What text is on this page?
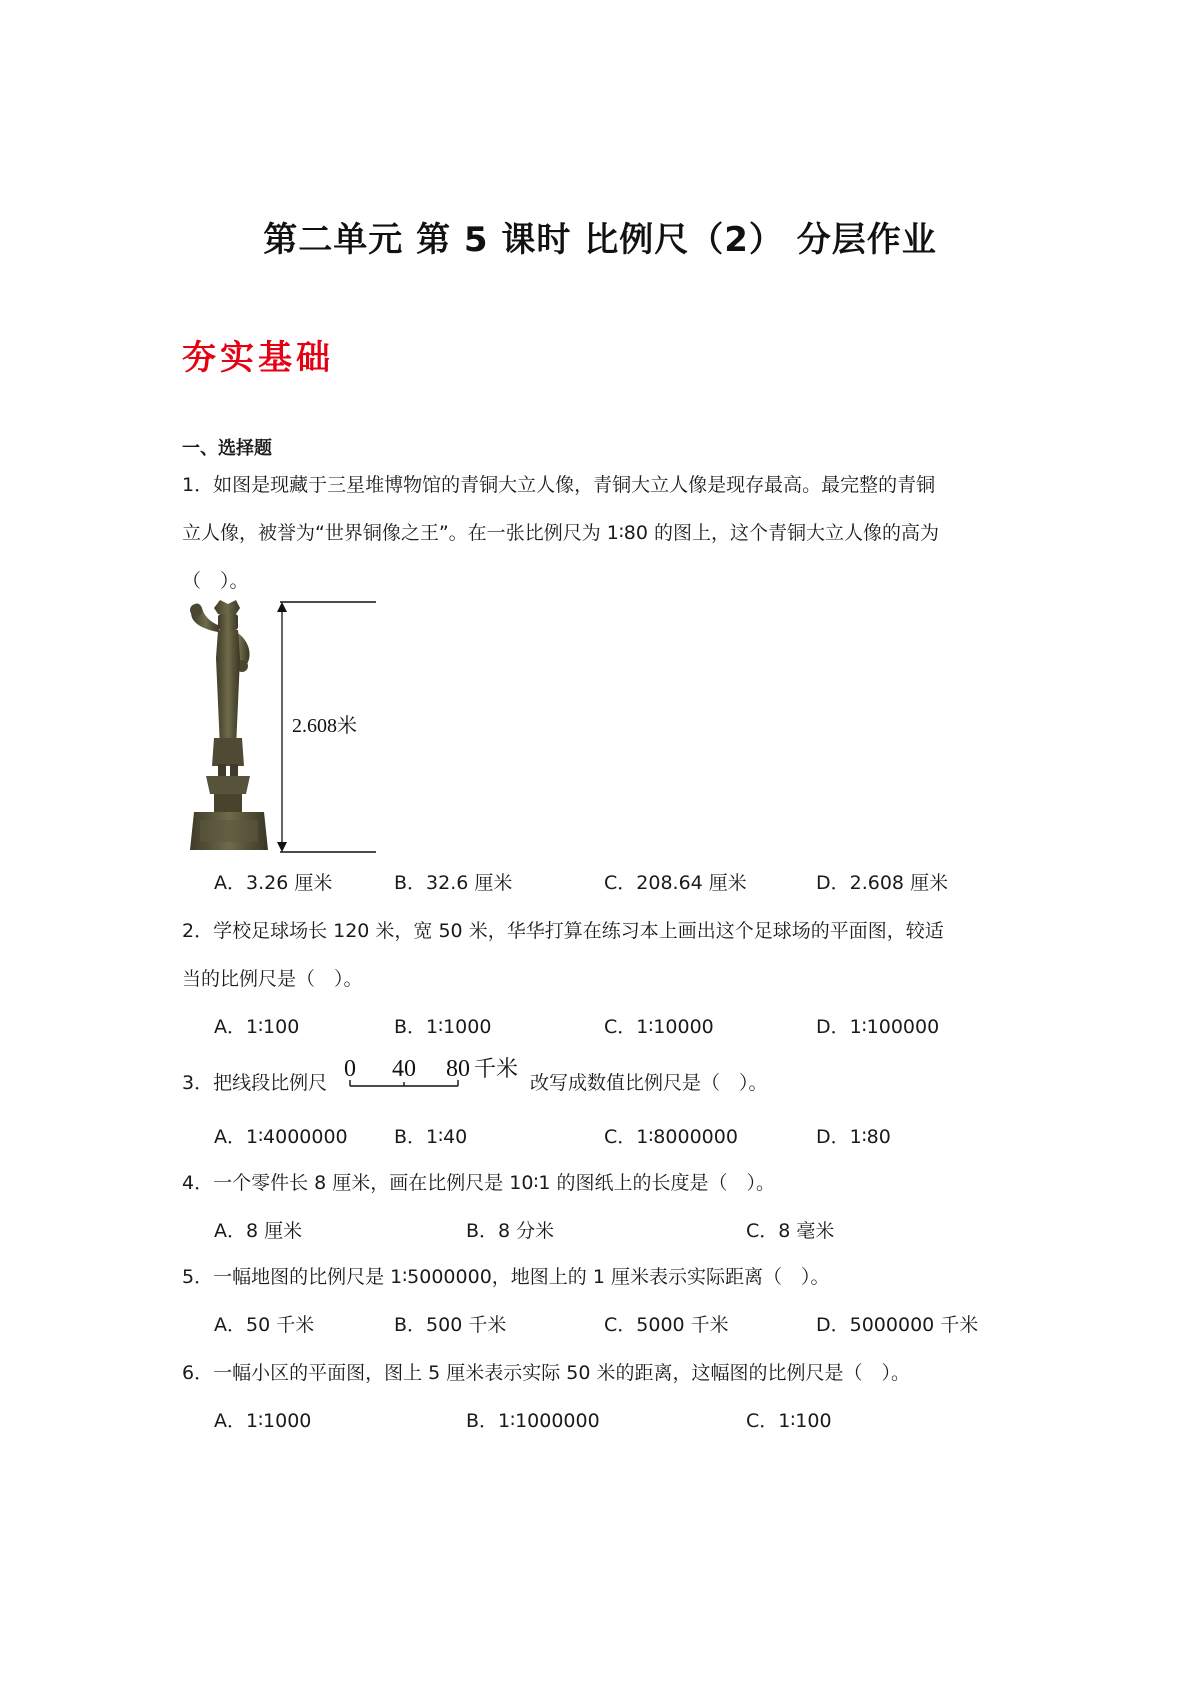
第二单元 第 5 课时 比例尺（2） 分层作业
夯实基础
一、选择题
1．如图是现藏于三星堆博物馆的青铜大立人像，青铜大立人像是现存最高。最完整的青铜
立人像，被誉为“世界铜像之王”。在一张比例尺为 1∶80 的图上，这个青铜大立人像的高为
（　）。
2.608米
A．3.26 厘米	B．32.6 厘米	C．208.64 厘米	D．2.608 厘米
2．学校足球场长 120 米，宽 50 米，华华打算在练习本上画出这个足球场的平面图，较适
当的比例尺是（　）。
A．1∶100	B．1∶1000	C．1∶10000	D．1∶100000
3．把线段比例尺
0 40 80 千米
改写成数值比例尺是（　）。
A．1∶4000000 B．1∶40	C．1∶8000000	D．1∶80
4．一个零件长 8 厘米，画在比例尺是 10∶1 的图纸上的长度是（　）。
A．8 厘米	B．8 分米	C．8 毫米
5．一幅地图的比例尺是 1∶5000000，地图上的 1 厘米表示实际距离（　）。
A．50 千米	B．500 千米	C．5000 千米	D．5000000 千米
6．一幅小区的平面图，图上 5 厘米表示实际 50 米的距离，这幅图的比例尺是（　）。
A．1∶1000	B．1∶1000000	C．1∶100
